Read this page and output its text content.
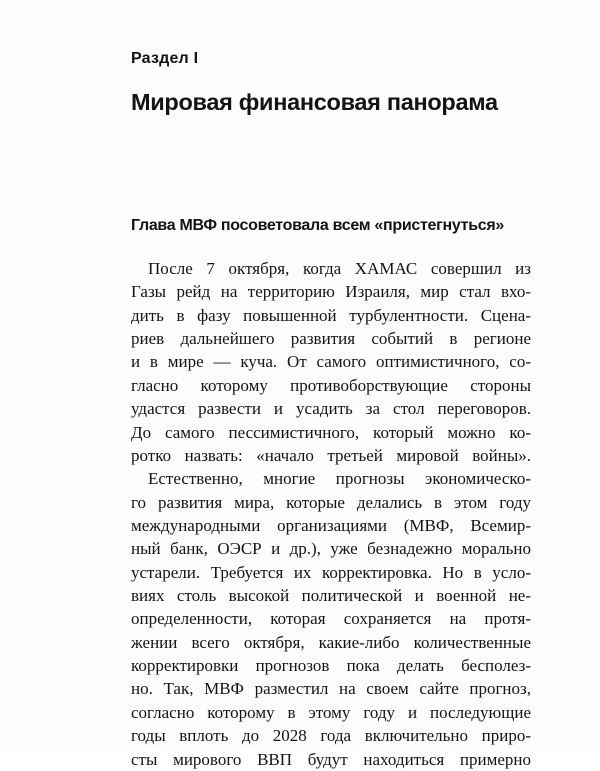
Раздел I
Мировая финансовая панорама
Глава МВФ посоветовала всем «пристегнуться»
После 7 октября, когда ХАМАС совершил из
Газы рейд на территорию Израиля, мир стал вхо-
дить в фазу повышенной турбулентности. Сцена-
риев дальнейшего развития событий в регионе
и в мире — куча. От самого оптимистичного, со-
гласно которому противоборствующие стороны
удастся развести и усадить за стол переговоров.
До самого пессимистичного, который можно ко-
ротко назвать: «начало третьей мировой войны».
Естественно, многие прогнозы экономическо-
го развития мира, которые делались в этом году
международными организациями (МВФ, Всемир-
ный банк, ОЭСР и др.), уже безнадежно морально
устарели. Требуется их корректировка. Но в усло-
виях столь высокой политической и военной не-
определенности, которая сохраняется на протя-
жении всего октября, какие-либо количественные
корректировки прогнозов пока делать бесполез-
но. Так, МВФ разместил на своем сайте прогноз,
согласно которому в этому году и последующие
годы вплоть до 2028 года включительно приро-
сты мирового ВВП будут находиться примерно
